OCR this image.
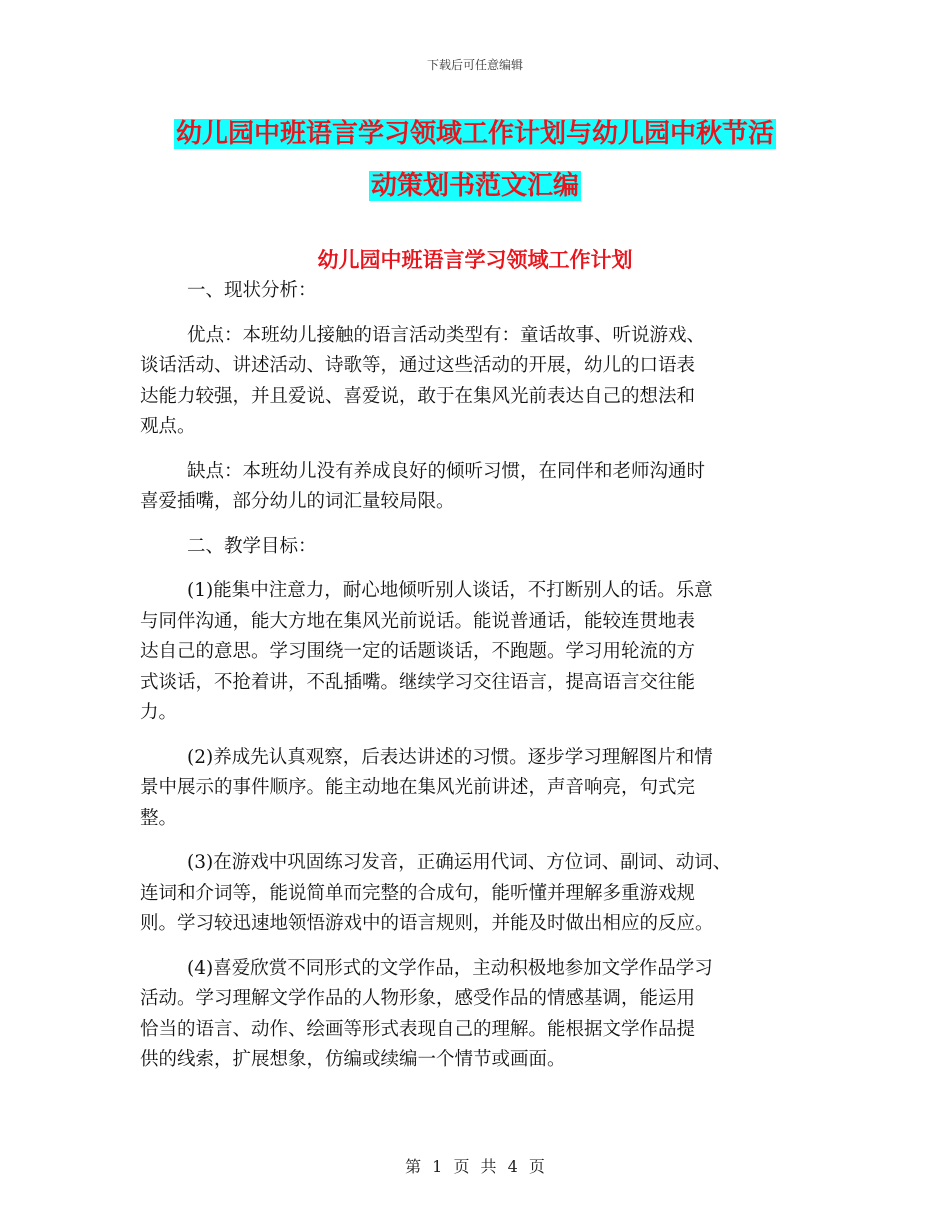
下载后可任意编辑
幼儿园中班语言学习领域工作计划与幼儿园中秋节活
动策划书范文汇编
幼儿园中班语言学习领域工作计划
一、现状分析：
优点：本班幼儿接触的语言活动类型有：童话故事、听说游戏、
谈话活动、讲述活动、诗歌等，通过这些活动的开展，幼儿的口语表
达能力较强，并且爱说、喜爱说，敢于在集风光前表达自己的想法和
观点。
缺点：本班幼儿没有养成良好的倾听习惯，在同伴和老师沟通时
喜爱插嘴，部分幼儿的词汇量较局限。
二、教学目标：
(1)能集中注意力，耐心地倾听别人谈话，不打断别人的话。乐意
与同伴沟通，能大方地在集风光前说话。能说普通话，能较连贯地表
达自己的意思。学习围绕一定的话题谈话，不跑题。学习用轮流的方
式谈话，不抢着讲，不乱插嘴。继续学习交往语言，提高语言交往能
力。
(2)养成先认真观察，后表达讲述的习惯。逐步学习理解图片和情
景中展示的事件顺序。能主动地在集风光前讲述，声音响亮，句式完
整。
(3)在游戏中巩固练习发音，正确运用代词、方位词、副词、动词、
连词和介词等，能说简单而完整的合成句，能听懂并理解多重游戏规
则。学习较迅速地领悟游戏中的语言规则，并能及时做出相应的反应。
(4)喜爱欣赏不同形式的文学作品，主动积极地参加文学作品学习
活动。学习理解文学作品的人物形象，感受作品的情感基调，能运用
恰当的语言、动作、绘画等形式表现自己的理解。能根据文学作品提
供的线索，扩展想象，仿编或续编一个情节或画面。
第 1 页 共 4 页
